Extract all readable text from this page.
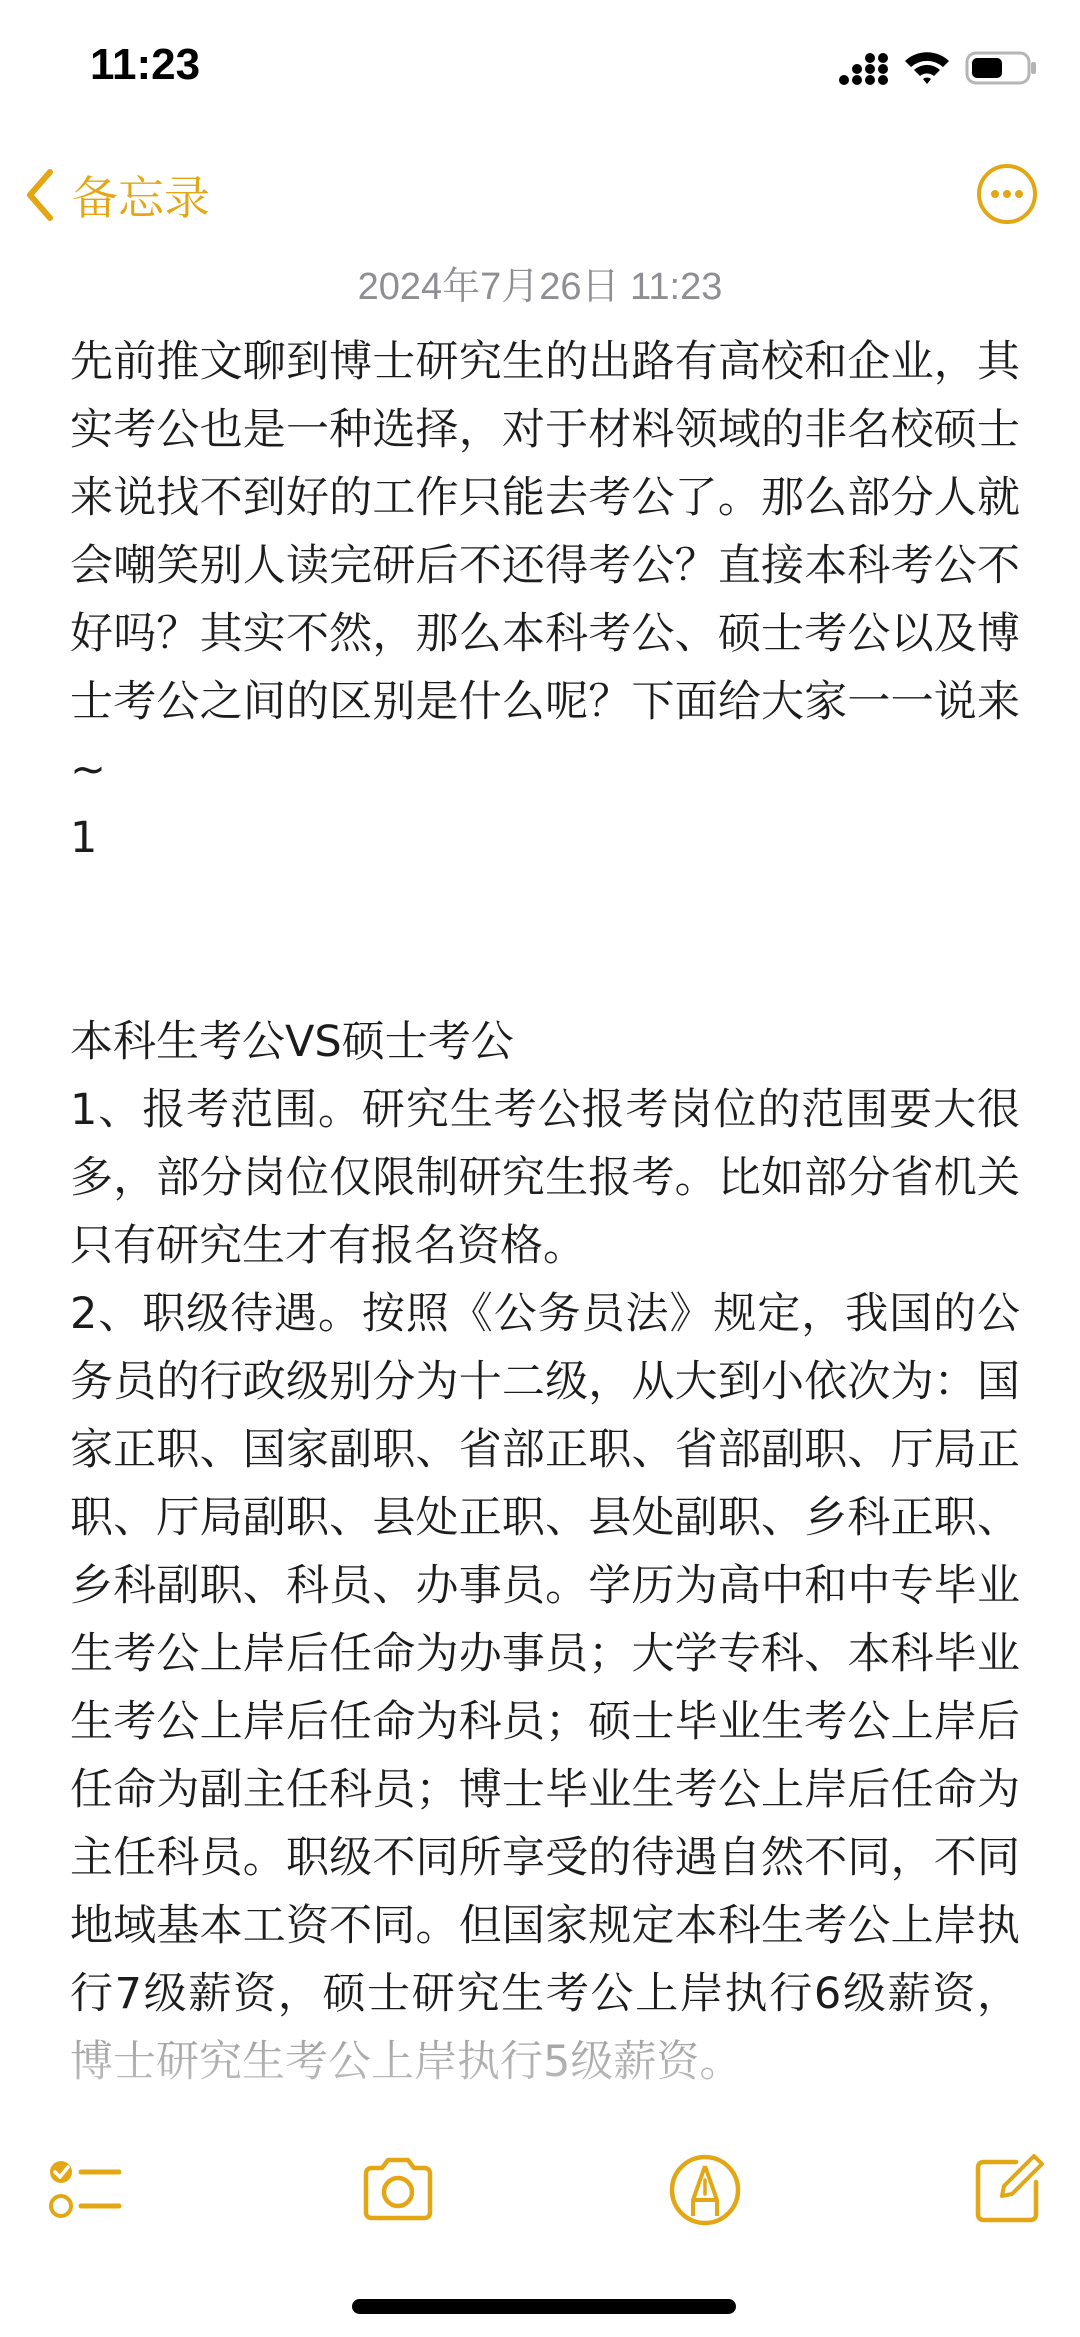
11:23
备忘录
2024年7月26日 11:23

先前推文聊到博士研究生的出路有高校和企业，其实考公也是一种选择，对于材料领域的非名校硕士来说找不到好的工作只能去考公了。那么部分人就会嘲笑别人读完研后不还得考公？直接本科考公不好吗？其实不然，那么本科考公、硕士考公以及博士考公之间的区别是什么呢？下面给大家一一说来~

1

本科生考公VS硕士考公

1、报考范围。研究生考公报考岗位的范围要大很多，部分岗位仅限制研究生报考。比如部分省机关只有研究生才有报名资格。

2、职级待遇。按照《公务员法》规定，我国的公务员的行政级别分为十二级，从大到小依次为：国家正职、国家副职、省部正职、省部副职、厅局正职、厅局副职、县处正职、县处副职、乡科正职、乡科副职、科员、办事员。学历为高中和中专毕业生考公上岸后任命为办事员；大学专科、本科毕业生考公上岸后任命为科员；硕士毕业生考公上岸后任命为副主任科员；博士毕业生考公上岸后任命为主任科员。职级不同所享受的待遇自然不同，不同地域基本工资不同。但国家规定本科生考公上岸执行7级薪资，硕士研究生考公上岸执行6级薪资，
